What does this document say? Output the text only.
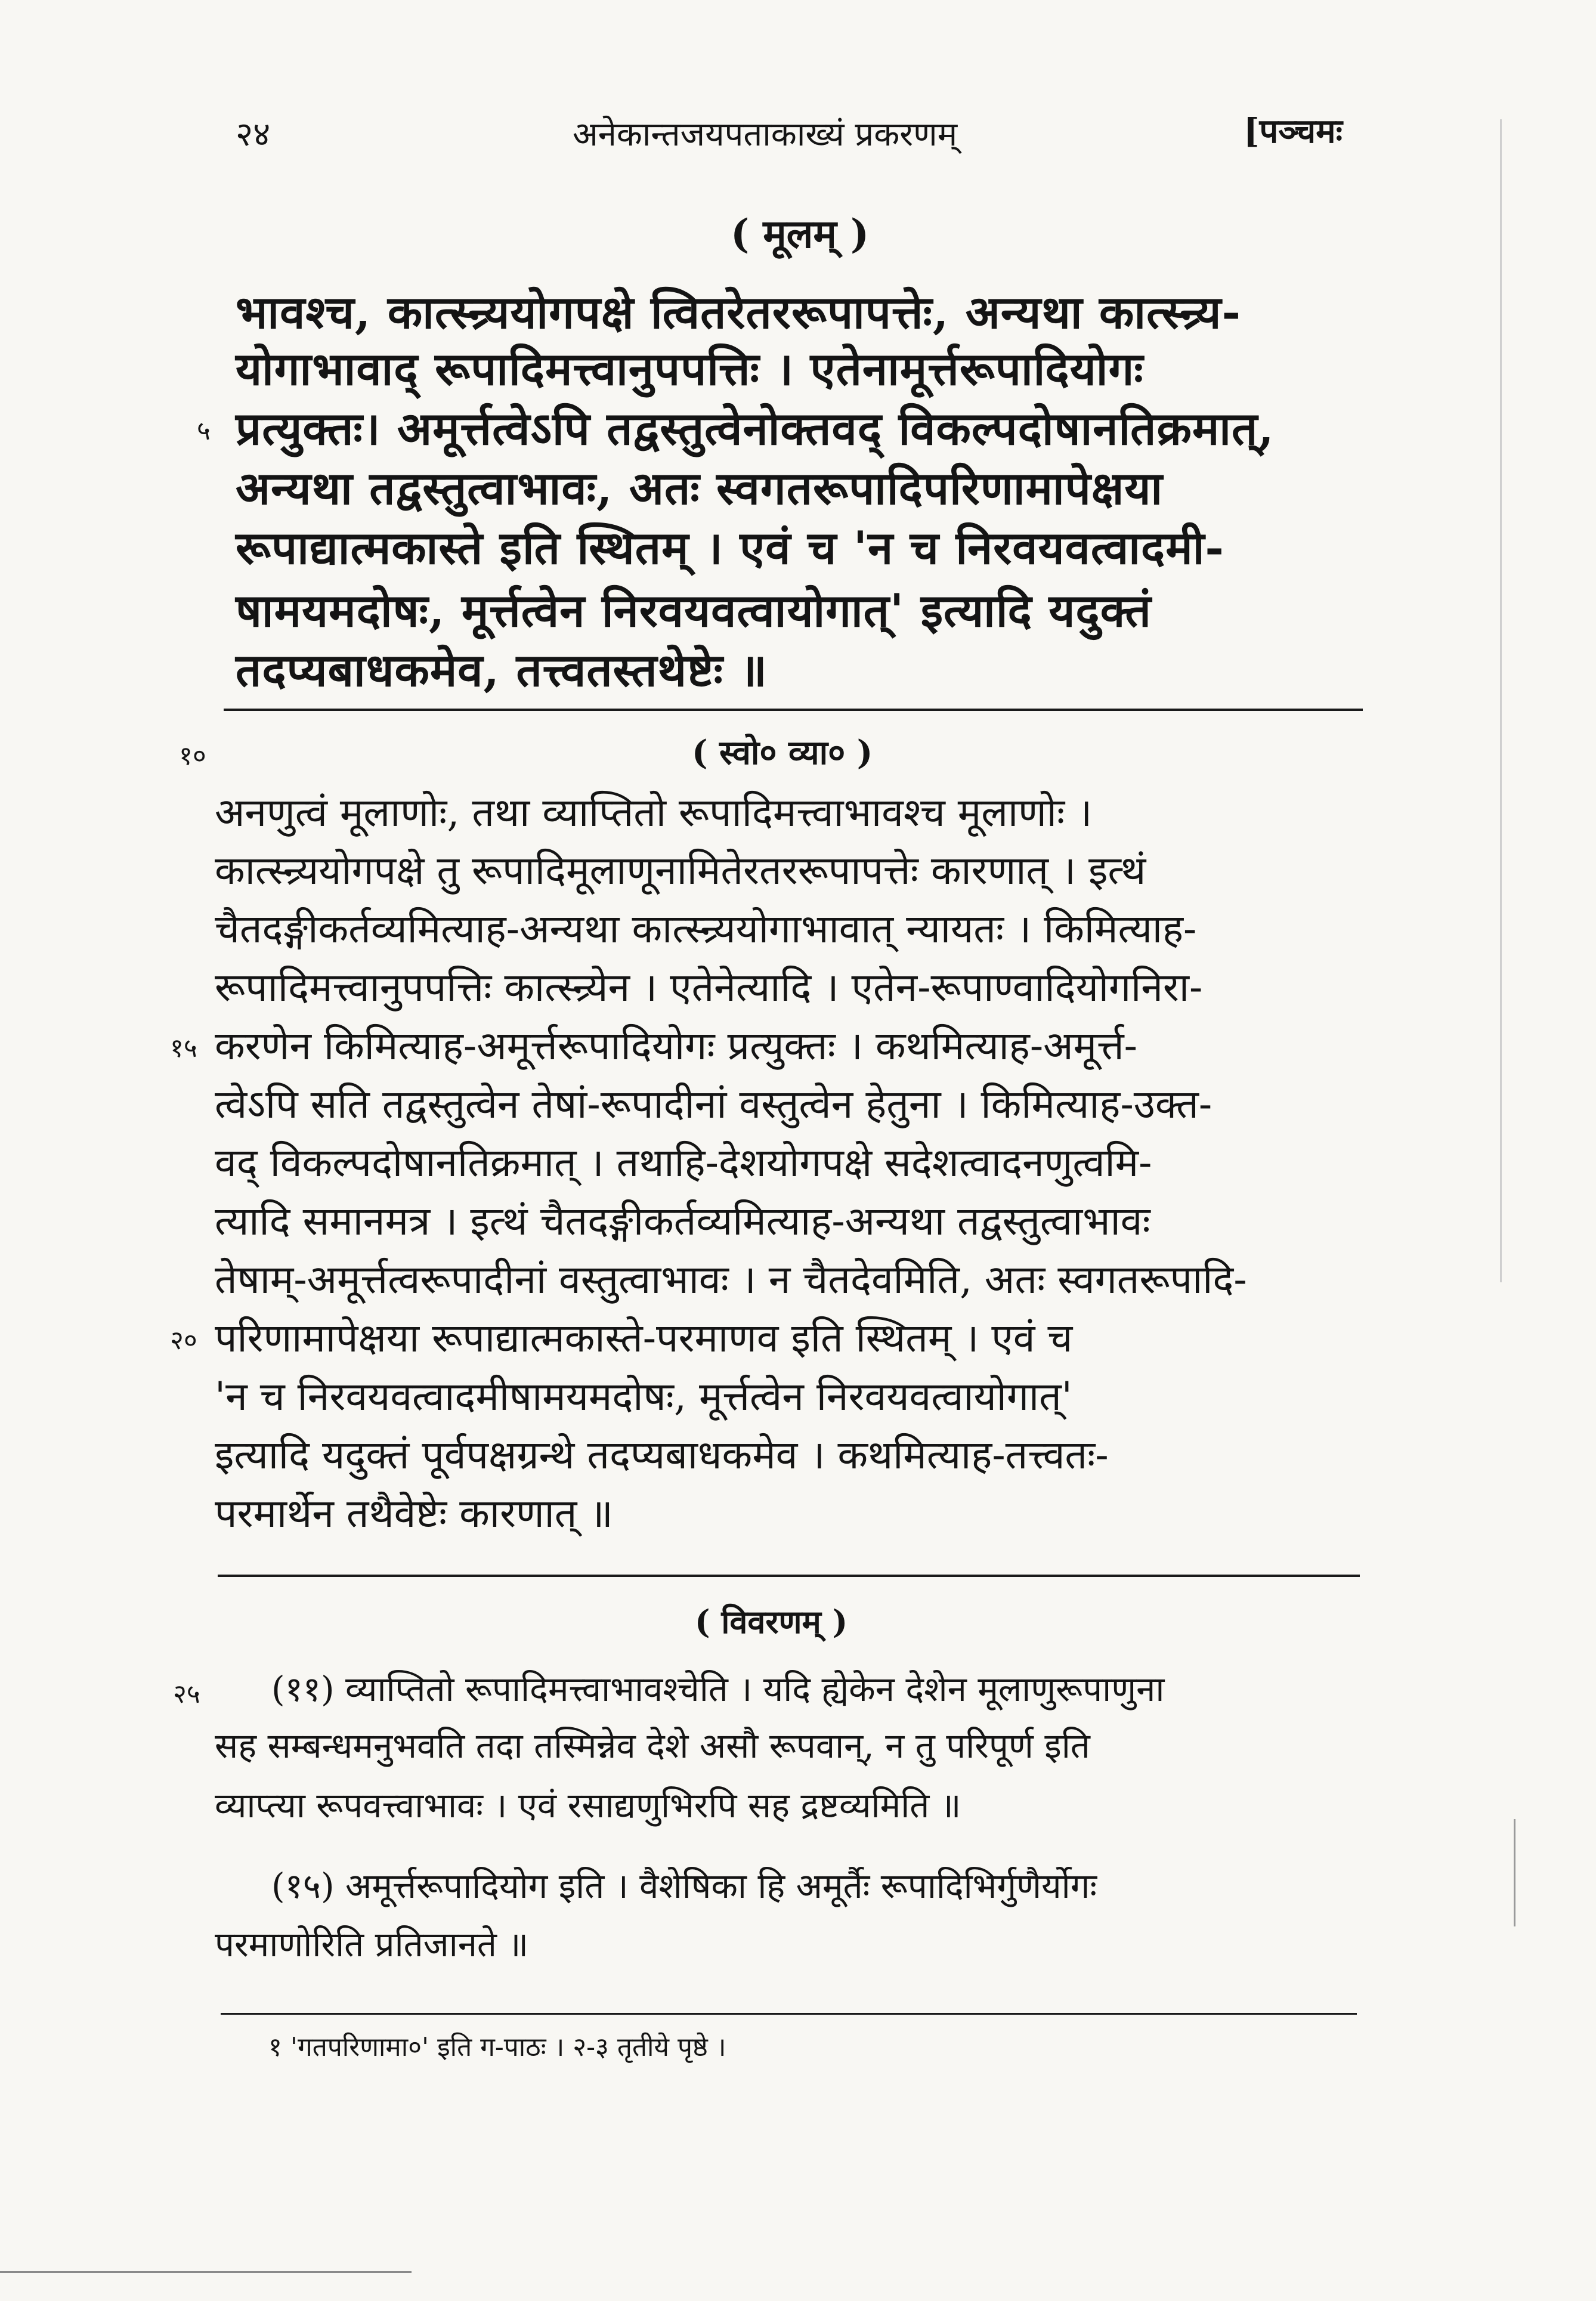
२४	अनेकान्तजयपताकाख्यं प्रकरणम्	[पञ्चमः
( मूलम् )
भावश्च, कात्स्न्र्ययोगपक्षे त्वितरेतररूपापत्तेः, अन्यथा कात्स्न्र्य-
योगाभावाद् रूपादिमत्त्वानुपपत्तिः । एतेनामूर्त्तरूपादियोगः
प्रत्युक्तः। अमूर्त्तत्वेऽपि तद्वस्तुत्वेनोक्तवद् विकल्पदोषानतिक्रमात्,
अन्यथा तद्वस्तुत्वाभावः, अतः स्वगतरूपादिपरिणामापेक्षया
रूपाद्यात्मकास्ते इति स्थितम् । एवं च 'न च निरवयवत्वादमी-
षामयमदोषः, मूर्त्तत्वेन निरवयवत्वायोगात्' इत्यादि यदुक्तं
तदप्यबाधकमेव, तत्त्वतस्तथेष्टेः ॥
५
१०	( स्वो० व्या० )
अनणुत्वं मूलाणोः, तथा व्याप्तितो रूपादिमत्त्वाभावश्च मूलाणोः ।
कात्स्न्र्ययोगपक्षे तु रूपादिमूलाणूनामितेरतररूपापत्तेः कारणात् । इत्थं
चैतदङ्गीकर्तव्यमित्याह-अन्यथा कात्स्न्र्ययोगाभावात् न्यायतः । किमित्याह-
रूपादिमत्त्वानुपपत्तिः कात्स्न्र्येन । एतेनेत्यादि । एतेन-रूपाण्वादियोगनिरा-
करणेन किमित्याह-अमूर्त्तरूपादियोगः प्रत्युक्तः । कथमित्याह-अमूर्त्त-
त्वेऽपि सति तद्वस्तुत्वेन तेषां-रूपादीनां वस्तुत्वेन हेतुना । किमित्याह-उक्त-
वद् विकल्पदोषानतिक्रमात् । तथाहि-देशयोगपक्षे सदेशत्वादनणुत्वमि-
त्यादि समानमत्र । इत्थं चैतदङ्गीकर्तव्यमित्याह-अन्यथा तद्वस्तुत्वाभावः
तेषाम्-अमूर्त्तत्वरूपादीनां वस्तुत्वाभावः । न चैतदेवमिति, अतः स्वगतरूपादि-
परिणामापेक्षया रूपाद्यात्मकास्ते-परमाणव इति स्थितम् । एवं च
'न च निरवयवत्वादमीषामयमदोषः, मूर्त्तत्वेन निरवयवत्वायोगात्'
इत्यादि यदुक्तं पूर्वपक्षग्रन्थे तदप्यबाधकमेव । कथमित्याह-तत्त्वतः-
परमार्थेन तथैवेष्टेः कारणात् ॥
१५
२०
( विवरणम् )
(११) व्याप्तितो रूपादिमत्त्वाभावश्चेति । यदि ह्येकेन देशेन मूलाणुरूपाणुना
सह सम्बन्धमनुभवति तदा तस्मिन्नेव देशे असौ रूपवान्, न तु परिपूर्ण इति
व्याप्त्या रूपवत्त्वाभावः । एवं रसाद्यणुभिरपि सह द्रष्टव्यमिति ॥
(१५) अमूर्त्तरूपादियोग इति । वैशेषिका हि अमूर्तैः रूपादिभिर्गुणैर्योगः
परमाणोरिति प्रतिजानते ॥
२५
१ 'गतपरिणामा०' इति ग-पाठः । २-३ तृतीये पृष्ठे ।
